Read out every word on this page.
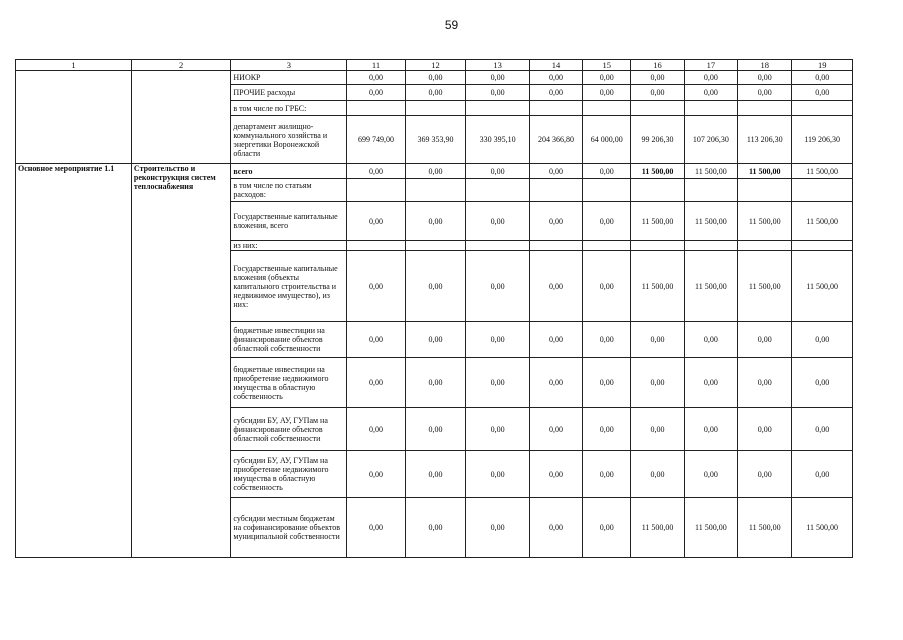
59
1	2	3	11	12	13	14	15	16	17	18	19
		НИОКР	0,00	0,00	0,00	0,00	0,00	0,00	0,00	0,00	0,00
		ПРОЧИЕ расходы	0,00	0,00	0,00	0,00	0,00	0,00	0,00	0,00	0,00
		в том числе по ГРБС:									
		департамент жилищно-коммунального хозяйства и энергетики Воронежской области	699 749,00	369 353,90	330 395,10	204 366,80	64 000,00	99 206,30	107 206,30	113 206,30	119 206,30
Основное мероприятие 1.1	Строительство и реконструкция систем теплоснабжения	всего	0,00	0,00	0,00	0,00	0,00	11 500,00	11 500,00	11 500,00	11 500,00
		в том числе по статьям расходов:									
		Государственные капитальные вложения, всего	0,00	0,00	0,00	0,00	0,00	11 500,00	11 500,00	11 500,00	11 500,00
		из них:									
		Государственные капитальные вложения (объекты капитального строительства и недвижимое имущество), из них:	0,00	0,00	0,00	0,00	0,00	11 500,00	11 500,00	11 500,00	11 500,00
		бюджетные инвестиции на финансирование объектов областной собственности	0,00	0,00	0,00	0,00	0,00	0,00	0,00	0,00	0,00
		бюджетные инвестиции на приобретение недвижимого имущества в областную собственность	0,00	0,00	0,00	0,00	0,00	0,00	0,00	0,00	0,00
		субсидии БУ, АУ, ГУПам на финансирование объектов областной собственности	0,00	0,00	0,00	0,00	0,00	0,00	0,00	0,00	0,00
		субсидии БУ, АУ, ГУПам на приобретение недвижимого имущества в областную собственность	0,00	0,00	0,00	0,00	0,00	0,00	0,00	0,00	0,00
		субсидии местным бюджетам на софинансирование объектов муниципальной собственности	0,00	0,00	0,00	0,00	0,00	11 500,00	11 500,00	11 500,00	11 500,00
